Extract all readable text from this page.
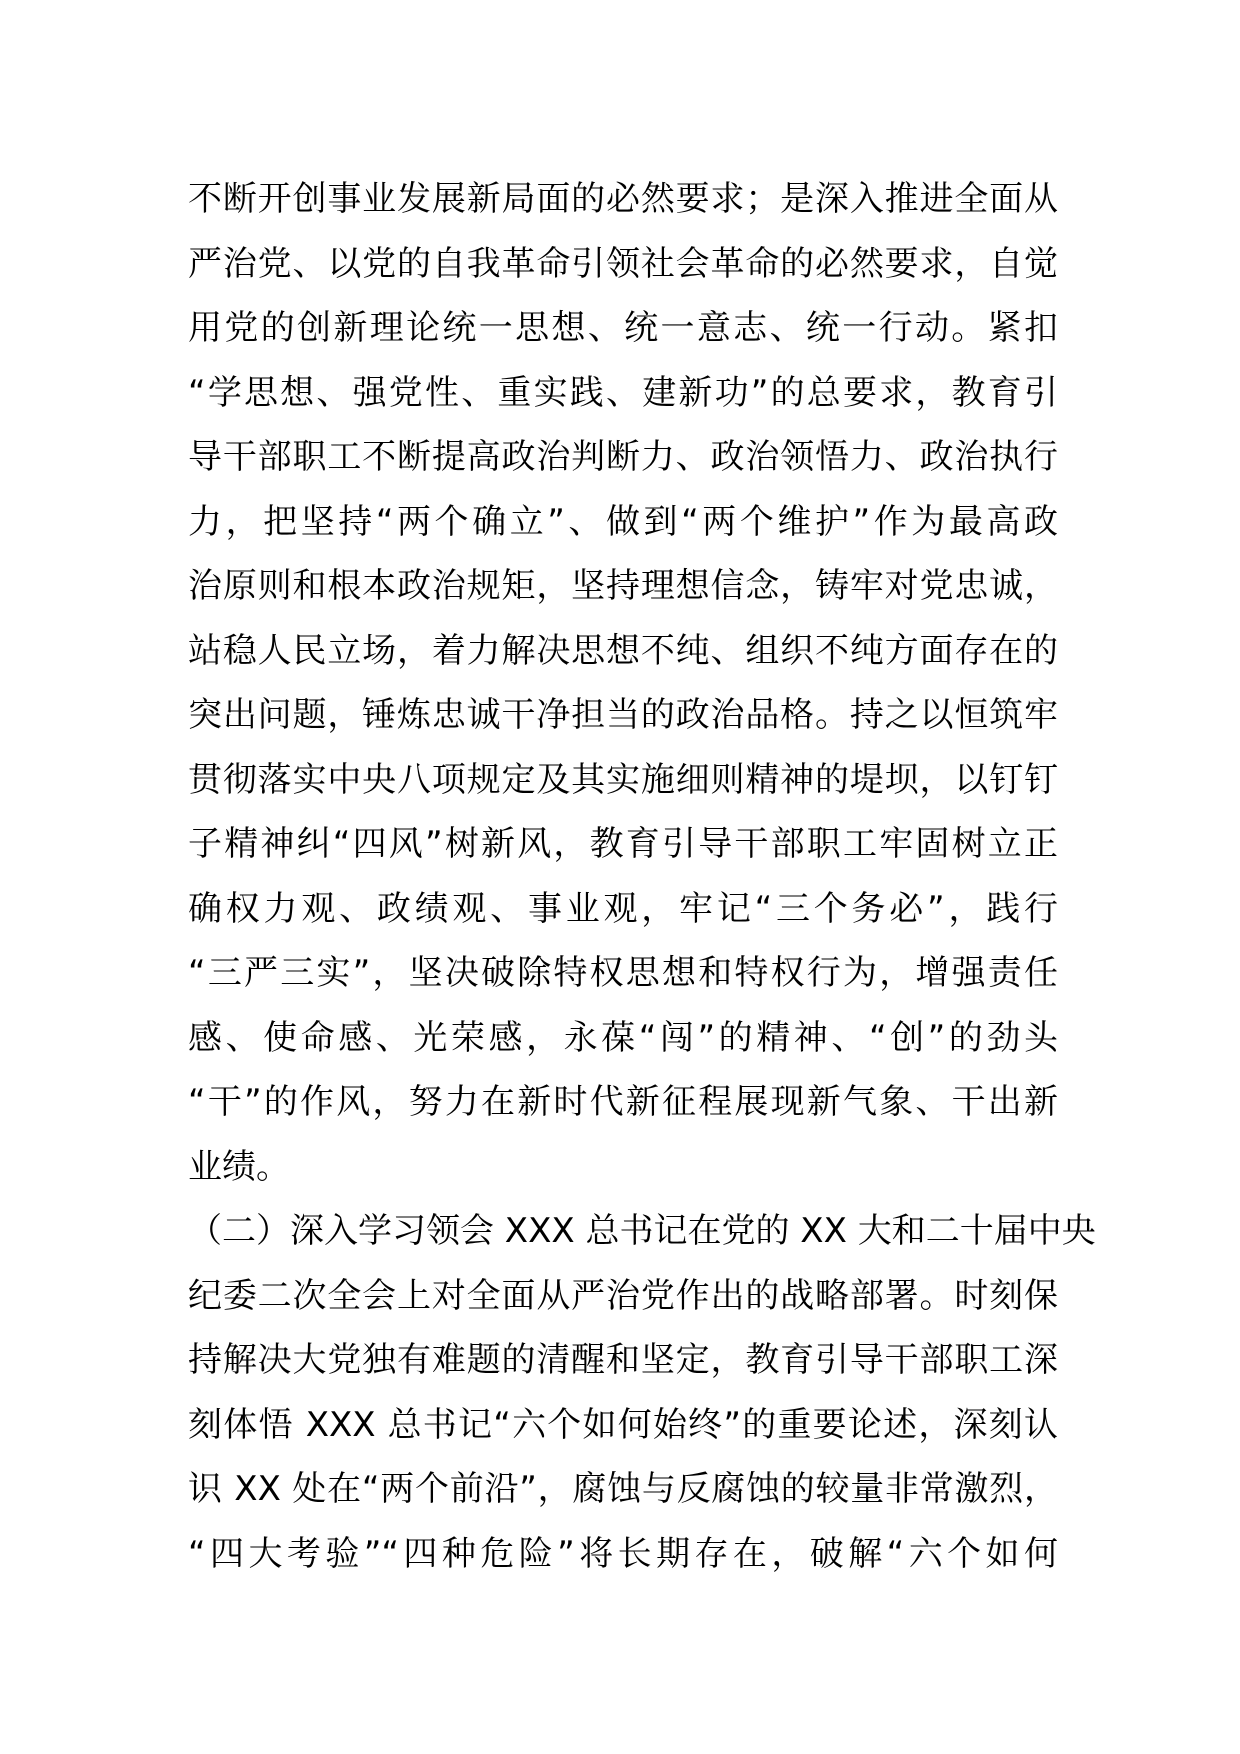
不断开创事业发展新局面的必然要求；是深入推进全面从
严治党、以党的自我革命引领社会革命的必然要求，自觉
用党的创新理论统一思想、统一意志、统一行动。紧扣
“学思想、强党性、重实践、建新功”的总要求，教育引
导干部职工不断提高政治判断力、政治领悟力、政治执行
力，把坚持“两个确立”、做到“两个维护”作为最高政
治原则和根本政治规矩，坚持理想信念，铸牢对党忠诚，
站稳人民立场，着力解决思想不纯、组织不纯方面存在的
突出问题，锤炼忠诚干净担当的政治品格。持之以恒筑牢
贯彻落实中央八项规定及其实施细则精神的堤坝，以钉钉
子精神纠“四风”树新风，教育引导干部职工牢固树立正
确权力观、政绩观、事业观，牢记“三个务必”，践行
“三严三实”，坚决破除特权思想和特权行为，增强责任
感、使命感、光荣感，永葆“闯”的精神、“创”的劲头
“干”的作风，努力在新时代新征程展现新气象、干出新
业绩。
（二）深入学习领会 XXX 总书记在党的 XX 大和二十届中央
纪委二次全会上对全面从严治党作出的战略部署。时刻保
持解决大党独有难题的清醒和坚定，教育引导干部职工深
刻体悟 XXX 总书记“六个如何始终”的重要论述，深刻认
识 XX 处在“两个前沿”，腐蚀与反腐蚀的较量非常激烈，
“四大考验”“四种危险”将长期存在，破解“六个如何
